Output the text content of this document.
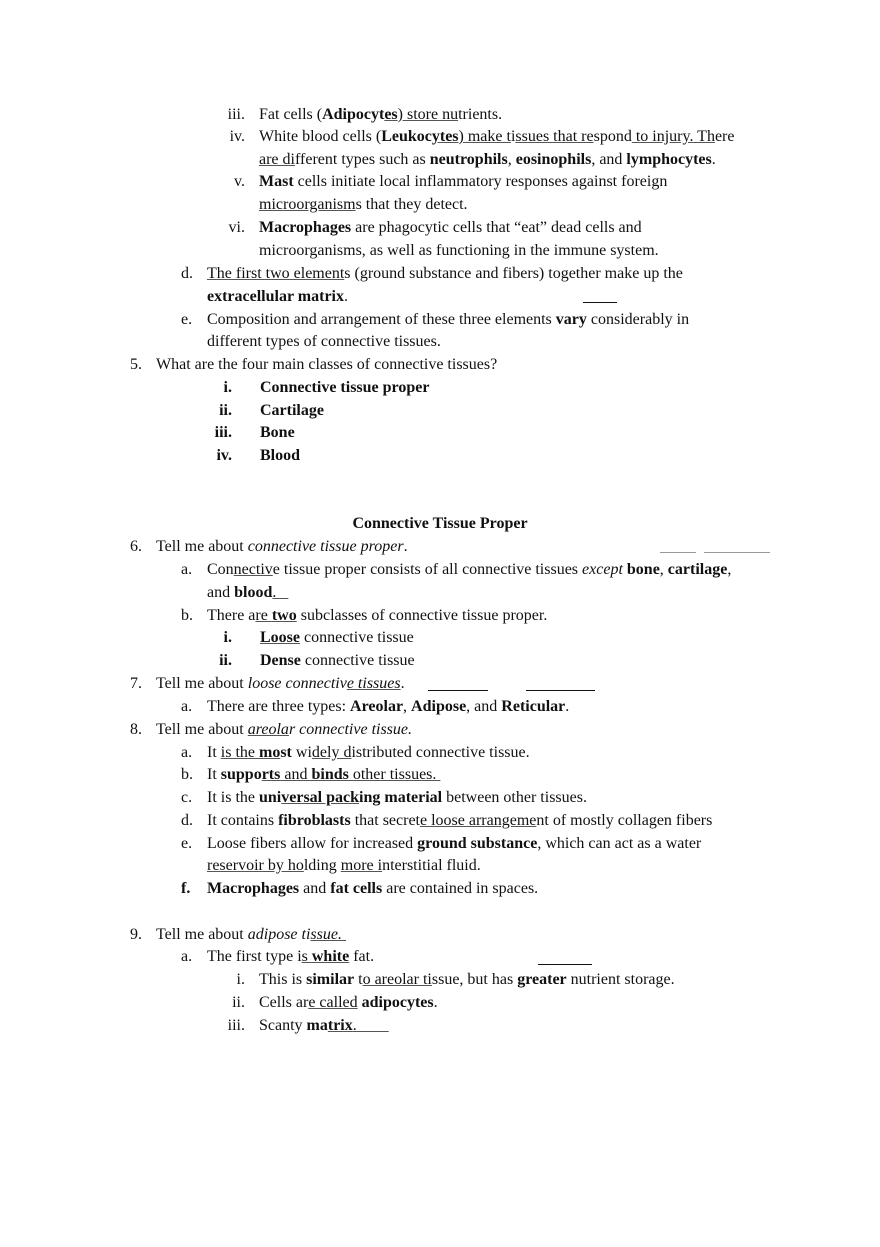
iii. Fat cells (Adipocytes) store nutrients.
iv. White blood cells (Leukocytes) make tissues that respond to injury. There
are different types such as neutrophils, eosinophils, and lymphocytes.
v. Mast cells initiate local inflammatory responses against foreign
microorganisms that they detect.
vi. Macrophages are phagocytic cells that “eat” dead cells and
microorganisms, as well as functioning in the immune system.
d. The first two elements (ground substance and fibers) together make up the
extracellular matrix.
e. Composition and arrangement of these three elements vary considerably in
different types of connective tissues.
5. What are the four main classes of connective tissues?
i. Connective tissue proper
ii. Cartilage
iii. Bone
iv. Blood
Connective Tissue Proper
6. Tell me about connective tissue proper.
a. Connective tissue proper consists of all connective tissues except bone, cartilage,
and blood.
b. There are two subclasses of connective tissue proper.
i. Loose connective tissue
ii. Dense connective tissue
7. Tell me about loose connective tissues.
a. There are three types: Areolar, Adipose, and Reticular.
8. Tell me about areolar connective tissue.
a. It is the most widely distributed connective tissue.
b. It supports and binds other tissues.
c. It is the universal packing material between other tissues.
d. It contains fibroblasts that secrete loose arrangement of mostly collagen fibers
e. Loose fibers allow for increased ground substance, which can act as a water
reservoir by holding more interstitial fluid.
f. Macrophages and fat cells are contained in spaces.
9. Tell me about adipose tissue.
a. The first type is white fat.
i. This is similar to areolar tissue, but has greater nutrient storage.
ii. Cells are called adipocytes.
iii. Scanty matrix.
